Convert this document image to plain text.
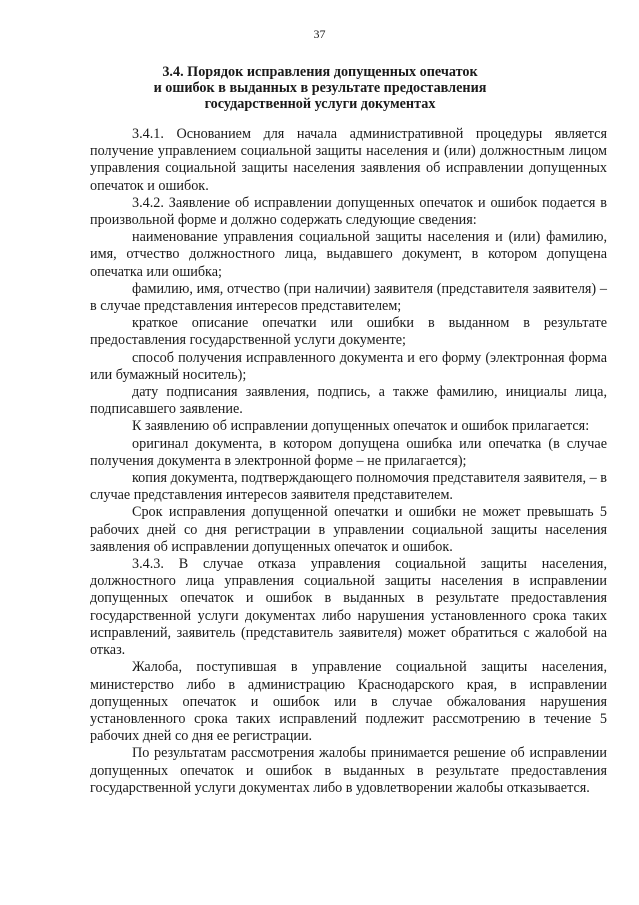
37
3.4. Порядок исправления допущенных опечаток
и ошибок в выданных в результате предоставления
государственной услуги документах

3.4.1. Основанием для начала административной процедуры является получение управлением социальной защиты населения и (или) должностным лицом управления социальной защиты населения заявления об исправлении допущенных опечаток и ошибок.

3.4.2. Заявление об исправлении допущенных опечаток и ошибок подается в произвольной форме и должно содержать следующие сведения:

наименование управления социальной защиты населения и (или) фамилию, имя, отчество должностного лица, выдавшего документ, в котором допущена опечатка или ошибка;

фамилию, имя, отчество (при наличии) заявителя (представителя заявителя) – в случае представления интересов представителем;

краткое описание опечатки или ошибки в выданном в результате предоставления государственной услуги документе;

способ получения исправленного документа и его форму (электронная форма или бумажный носитель);

дату подписания заявления, подпись, а также фамилию, инициалы лица, подписавшего заявление.

К заявлению об исправлении допущенных опечаток и ошибок прилагается:

оригинал документа, в котором допущена ошибка или опечатка (в случае получения документа в электронной форме – не прилагается);

копия документа, подтверждающего полномочия представителя заявителя, – в случае представления интересов заявителя представителем.

Срок исправления допущенной опечатки и ошибки не может превышать 5 рабочих дней со дня регистрации в управлении социальной защиты населения заявления об исправлении допущенных опечаток и ошибок.

3.4.3. В случае отказа управления социальной защиты населения, должностного лица управления социальной защиты населения в исправлении допущенных опечаток и ошибок в выданных в результате предоставления государственной услуги документах либо нарушения установленного срока таких исправлений, заявитель (представитель заявителя) может обратиться с жалобой на отказ.

Жалоба, поступившая в управление социальной защиты населения, министерство либо в администрацию Краснодарского края, в исправлении допущенных опечаток и ошибок или в случае обжалования нарушения установленного срока таких исправлений подлежит рассмотрению в течение 5 рабочих дней со дня ее регистрации.

По результатам рассмотрения жалобы принимается решение об исправлении допущенных опечаток и ошибок в выданных в результате предоставления государственной услуги документах либо в удовлетворении жалобы отказывается.
